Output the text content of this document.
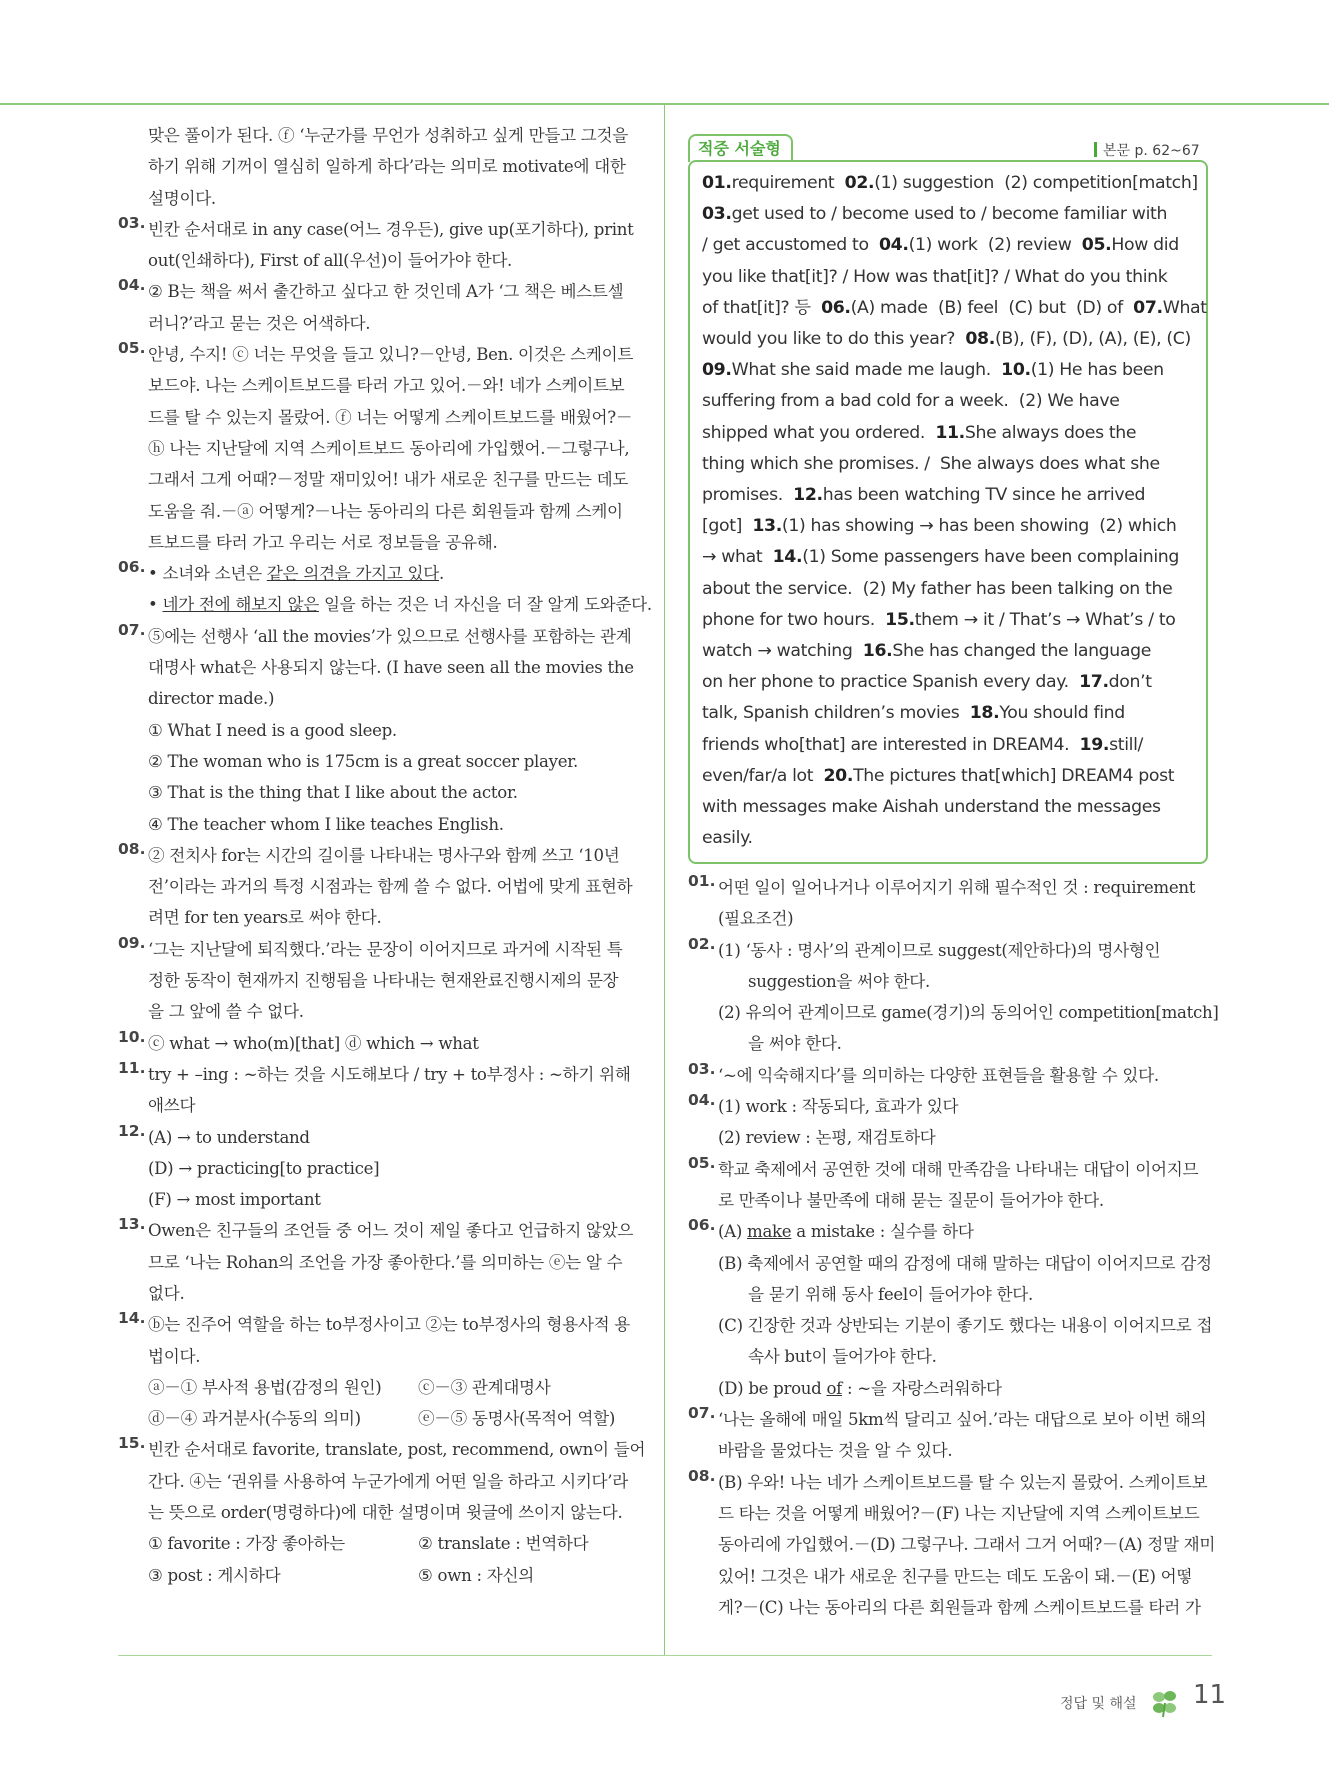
맞은 풀이가 된다. ⓕ ‘누군가를 무언가 성취하고 싶게 만들고 그것을
하기 위해 기꺼이 열심히 일하게 하다’라는 의미로 motivate에 대한
설명이다.
03. 빈칸 순서대로 in any case(어느 경우든), give up(포기하다), print
out(인쇄하다), First of all(우선)이 들어가야 한다.
04. ② B는 책을 써서 출간하고 싶다고 한 것인데 A가 ‘그 책은 베스트셀
러니?’라고 묻는 것은 어색하다.
05. 안녕, 수지! ⓒ 너는 무엇을 들고 있니?－안녕, Ben. 이것은 스케이트
보드야. 나는 스케이트보드를 타러 가고 있어.－와! 네가 스케이트보
드를 탈 수 있는지 몰랐어. ⓕ 너는 어떻게 스케이트보드를 배웠어?－
ⓗ 나는 지난달에 지역 스케이트보드 동아리에 가입했어.－그렇구나,
그래서 그게 어때?－정말 재미있어! 내가 새로운 친구를 만드는 데도
도움을 줘.－ⓐ 어떻게?－나는 동아리의 다른 회원들과 함께 스케이
트보드를 타러 가고 우리는 서로 정보들을 공유해.
06. • 소녀와 소년은 같은 의견을 가지고 있다.
• 네가 전에 해보지 않은 일을 하는 것은 너 자신을 더 잘 알게 도와준다.
07. ⑤에는 선행사 ‘all the movies’가 있으므로 선행사를 포함하는 관계
대명사 what은 사용되지 않는다. (I have seen all the movies the
director made.)
① What I need is a good sleep.
② The woman who is 175cm is a great soccer player.
③ That is the thing that I like about the actor.
④ The teacher whom I like teaches English.
08. ② 전치사 for는 시간의 길이를 나타내는 명사구와 함께 쓰고 ‘10년
전’이라는 과거의 특정 시점과는 함께 쓸 수 없다. 어법에 맞게 표현하
려면 for ten years로 써야 한다.
09. ‘그는 지난달에 퇴직했다.’라는 문장이 이어지므로 과거에 시작된 특
정한 동작이 현재까지 진행됨을 나타내는 현재완료진행시제의 문장
을 그 앞에 쓸 수 없다.
10. ⓒ what → who(m)[that] ⓓ which → what
11. try + –ing : ~하는 것을 시도해보다 / try + to부정사 : ~하기 위해
애쓰다
12. (A) → to understand
(D) → practicing[to practice]
(F) → most important
13. Owen은 친구들의 조언들 중 어느 것이 제일 좋다고 언급하지 않았으
므로 ‘나는 Rohan의 조언을 가장 좋아한다.’를 의미하는 ⓔ는 알 수
없다.
14. ⓑ는 진주어 역할을 하는 to부정사이고 ②는 to부정사의 형용사적 용
법이다.
ⓐ－① 부사적 용법(감정의 원인)	ⓒ－③ 관계대명사
ⓓ－④ 과거분사(수동의 의미)	ⓔ－⑤ 동명사(목적어 역할)
15. 빈칸 순서대로 favorite, translate, post, recommend, own이 들어
간다. ④는 ‘권위를 사용하여 누군가에게 어떤 일을 하라고 시키다’라
는 뜻으로 order(명령하다)에 대한 설명이며 윗글에 쓰이지 않는다.
① favorite : 가장 좋아하는	② translate : 번역하다
③ post : 게시하다	⑤ own : 자신의
적중 서술형	본문 p. 62~67
01.requirement  02.(1) suggestion  (2) competition[match]
03.get used to / become used to / become familiar with
/ get accustomed to  04.(1) work  (2) review  05.How did
you like that[it]? / How was that[it]? / What do you think
of that[it]? 등  06.(A) made  (B) feel  (C) but  (D) of  07.What
would you like to do this year?  08.(B), (F), (D), (A), (E), (C)
09.What she said made me laugh.  10.(1) He has been
suffering from a bad cold for a week.  (2) We have
shipped what you ordered.  11.She always does the
thing which she promises. /  She always does what she
promises.  12.has been watching TV since he arrived
[got]  13.(1) has showing → has been showing  (2) which
→ what  14.(1) Some passengers have been complaining
about the service.  (2) My father has been talking on the
phone for two hours.  15.them → it / That’s → What’s / to
watch → watching  16.She has changed the language
on her phone to practice Spanish every day.  17.don’t
talk, Spanish children’s movies  18.You should find
friends who[that] are interested in DREAM4.  19.still/
even/far/a lot  20.The pictures that[which] DREAM4 post
with messages make Aishah understand the messages
easily.
01. 어떤 일이 일어나거나 이루어지기 위해 필수적인 것 : requirement
(필요조건)
02. (1) ‘동사 : 명사’의 관계이므로 suggest(제안하다)의 명사형인
suggestion을 써야 한다.
(2) 유의어 관계이므로 game(경기)의 동의어인 competition[match]
을 써야 한다.
03. ‘~에 익숙해지다’를 의미하는 다양한 표현들을 활용할 수 있다.
04. (1) work : 작동되다, 효과가 있다
(2) review : 논평, 재검토하다
05. 학교 축제에서 공연한 것에 대해 만족감을 나타내는 대답이 이어지므
로 만족이나 불만족에 대해 묻는 질문이 들어가야 한다.
06. (A) make a mistake : 실수를 하다
(B) 축제에서 공연할 때의 감정에 대해 말하는 대답이 이어지므로 감정
을 묻기 위해 동사 feel이 들어가야 한다.
(C) 긴장한 것과 상반되는 기분이 좋기도 했다는 내용이 이어지므로 접
속사 but이 들어가야 한다.
(D) be proud of : ~을 자랑스러워하다
07. ‘나는 올해에 매일 5km씩 달리고 싶어.’라는 대답으로 보아 이번 해의
바람을 물었다는 것을 알 수 있다.
08. (B) 우와! 나는 네가 스케이트보드를 탈 수 있는지 몰랐어. 스케이트보
드 타는 것을 어떻게 배웠어?－(F) 나는 지난달에 지역 스케이트보드
동아리에 가입했어.－(D) 그렇구나. 그래서 그거 어때?－(A) 정말 재미
있어! 그것은 내가 새로운 친구를 만드는 데도 도움이 돼.－(E) 어떻
게?－(C) 나는 동아리의 다른 회원들과 함께 스케이트보드를 타러 가
정답 및 해설 11
